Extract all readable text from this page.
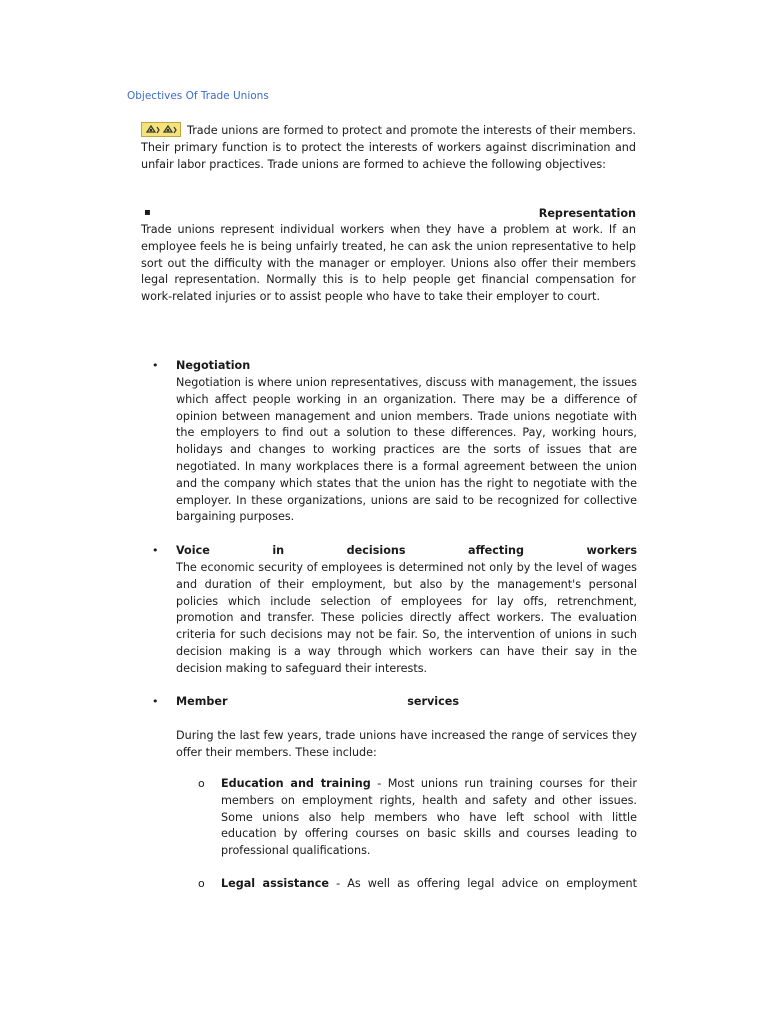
Objectives Of Trade Unions
Trade unions are formed to protect and promote the interests of their members. Their primary function is to protect the interests of workers against discrimination and unfair labor practices. Trade unions are formed to achieve the following objectives:
▪	Representation
Trade unions represent individual workers when they have a problem at work. If an employee feels he is being unfairly treated, he can ask the union representative to help sort out the difficulty with the manager or employer. Unions also offer their members legal representation. Normally this is to help people get financial compensation for work-related injuries or to assist people who have to take their employer to court.
• Negotiation
Negotiation is where union representatives, discuss with management, the issues which affect people working in an organization. There may be a difference of opinion between management and union members. Trade unions negotiate with the employers to find out a solution to these differences. Pay, working hours, holidays and changes to working practices are the sorts of issues that are negotiated. In many workplaces there is a formal agreement between the union and the company which states that the union has the right to negotiate with the employer. In these organizations, unions are said to be recognized for collective bargaining purposes.
• Voice	in	decisions	affecting	workers
The economic security of employees is determined not only by the level of wages and duration of their employment, but also by the management's personal policies which include selection of employees for lay offs, retrenchment, promotion and transfer. These policies directly affect workers. The evaluation criteria for such decisions may not be fair. So, the intervention of unions in such decision making is a way through which workers can have their say in the decision making to safeguard their interests.
• Member	services
During the last few years, trade unions have increased the range of services they offer their members. These include:
o Education and training - Most unions run training courses for their members on employment rights, health and safety and other issues. Some unions also help members who have left school with little education by offering courses on basic skills and courses leading to professional qualifications.
o Legal assistance - As well as offering legal advice on employment
